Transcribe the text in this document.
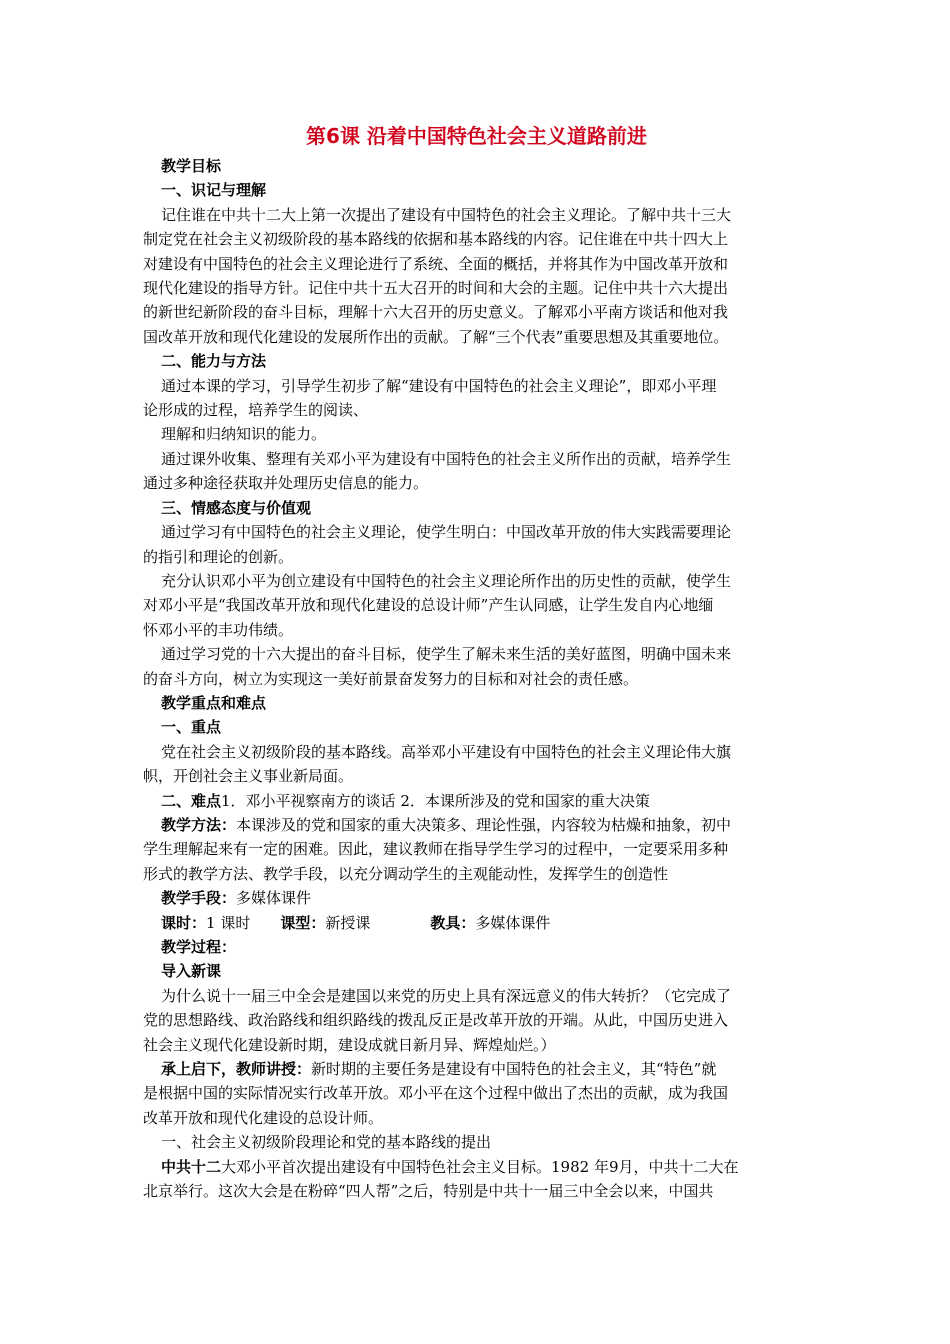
第6课 沿着中国特色社会主义道路前进

教学目标

一、识记与理解

记住谁在中共十二大上第一次提出了建设有中国特色的社会主义理论。了解中共十三大

制定党在社会主义初级阶段的基本路线的依据和基本路线的内容。记住谁在中共十四大上

对建设有中国特色的社会主义理论进行了系统、全面的概括，并将其作为中国改革开放和

现代化建设的指导方针。记住中共十五大召开的时间和大会的主题。记住中共十六大提出

的新世纪新阶段的奋斗目标，理解十六大召开的历史意义。了解邓小平南方谈话和他对我

国改革开放和现代化建设的发展所作出的贡献。了解“三个代表”重要思想及其重要地位。

二、能力与方法

通过本课的学习，引导学生初步了解“建设有中国特色的社会主义理论”，即邓小平理

论形成的过程，培养学生的阅读、

理解和归纳知识的能力。

通过课外收集、整理有关邓小平为建设有中国特色的社会主义所作出的贡献，培养学生

通过多种途径获取并处理历史信息的能力。

三、情感态度与价值观

通过学习有中国特色的社会主义理论，使学生明白：中国改革开放的伟大实践需要理论

的指引和理论的创新。

充分认识邓小平为创立建设有中国特色的社会主义理论所作出的历史性的贡献，使学生

对邓小平是“我国改革开放和现代化建设的总设计师”产生认同感，让学生发自内心地缅

怀邓小平的丰功伟绩。

通过学习党的十六大提出的奋斗目标，使学生了解未来生活的美好蓝图，明确中国未来

的奋斗方向，树立为实现这一美好前景奋发努力的目标和对社会的责任感。

教学重点和难点

一、重点

党在社会主义初级阶段的基本路线。高举邓小平建设有中国特色的社会主义理论伟大旗

帜，开创社会主义事业新局面。

二、难点1．邓小平视察南方的谈话 2．本课所涉及的党和国家的重大决策

教学方法：本课涉及的党和国家的重大决策多、理论性强，内容较为枯燥和抽象，初中

学生理解起来有一定的困难。因此，建议教师在指导学生学习的过程中，一定要采用多种

形式的教学方法、教学手段，以充分调动学生的主观能动性，发挥学生的创造性

教学手段：多媒体课件

课时：1 课时 课型：新授课	教具：多媒体课件

教学过程：

导入新课

为什么说十一届三中全会是建国以来党的历史上具有深远意义的伟大转折？（它完成了

党的思想路线、政治路线和组织路线的拨乱反正是改革开放的开端。从此，中国历史进入

社会主义现代化建设新时期，建设成就日新月异、辉煌灿烂。）

承上启下，教师讲授：新时期的主要任务是建设有中国特色的社会主义，其“特色”就

是根据中国的实际情况实行改革开放。邓小平在这个过程中做出了杰出的贡献，成为我国

改革开放和现代化建设的总设计师。

一、社会主义初级阶段理论和党的基本路线的提出

中共十二大邓小平首次提出建设有中国特色社会主义目标。1982 年9月，中共十二大在

北京举行。这次大会是在粉碎“四人帮”之后，特别是中共十一届三中全会以来，中国共
